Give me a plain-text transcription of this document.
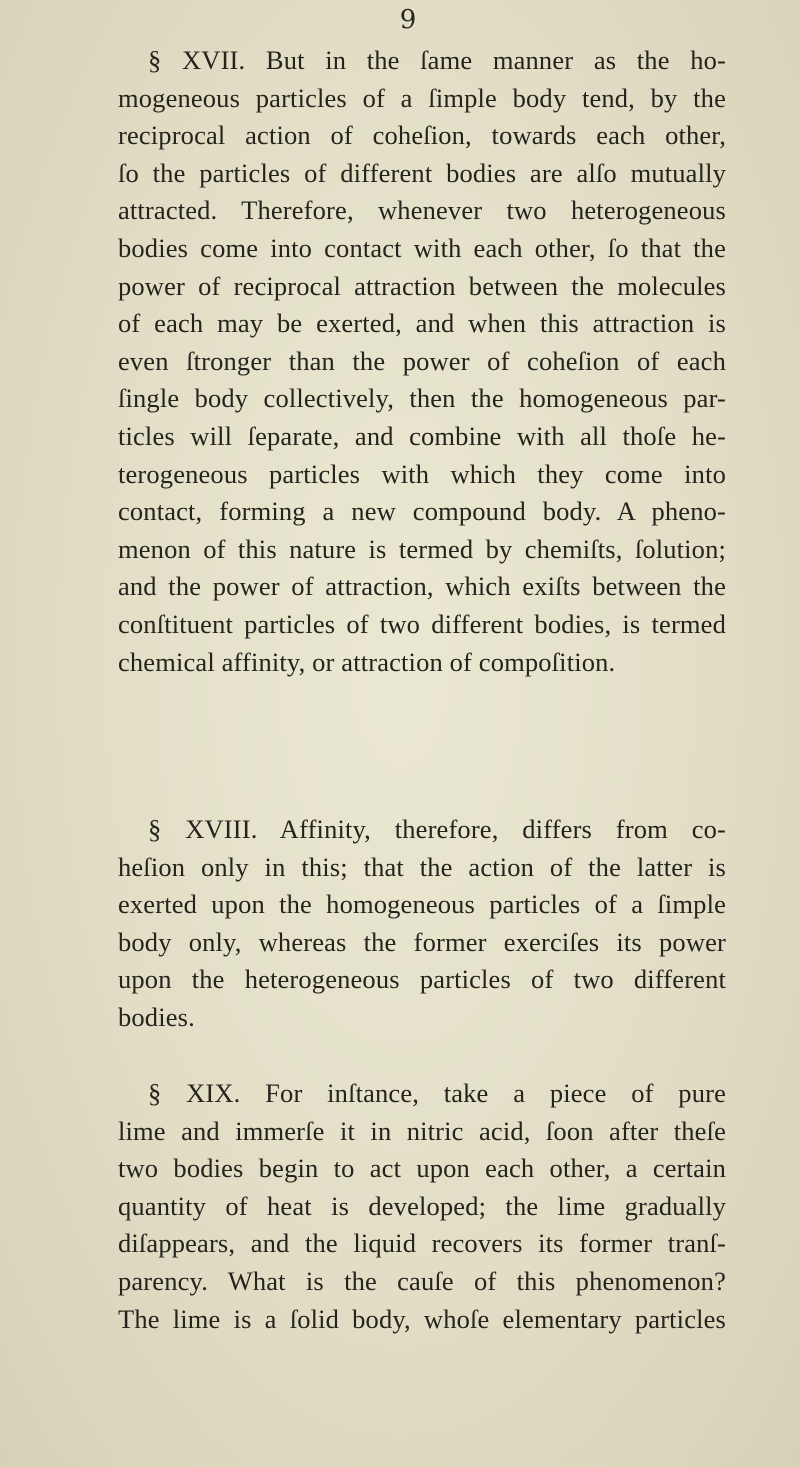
9
§ XVII. But in the ſame manner as the ho-
mogeneous particles of a ſimple body tend, by the
reciprocal action of coheſion, towards each other,
ſo the particles of different bodies are alſo mutually
attracted. Therefore, whenever two heterogeneous
bodies come into contact with each other, ſo that the
power of reciprocal attraction between the molecules
of each may be exerted, and when this attraction is
even ſtronger than the power of coheſion of each
ſingle body collectively, then the homogeneous par-
ticles will ſeparate, and combine with all thoſe he-
terogeneous particles with which they come into
contact, forming a new compound body. A pheno-
menon of this nature is termed by chemiſts, ſolution;
and the power of attraction, which exiſts between the
conſtituent particles of two different bodies, is termed
chemical affinity, or attraction of compoſition.
§ XVIII. Affinity, therefore, differs from co-
heſion only in this; that the action of the latter is
exerted upon the homogeneous particles of a ſimple
body only, whereas the former exerciſes its power
upon the heterogeneous particles of two different
bodies.
§ XIX. For inſtance, take a piece of pure
lime and immerſe it in nitric acid, ſoon after theſe
two bodies begin to act upon each other, a certain
quantity of heat is developed; the lime gradually
diſappears, and the liquid recovers its former tranſ-
parency. What is the cauſe of this phenomenon?
The lime is a ſolid body, whoſe elementary particles
